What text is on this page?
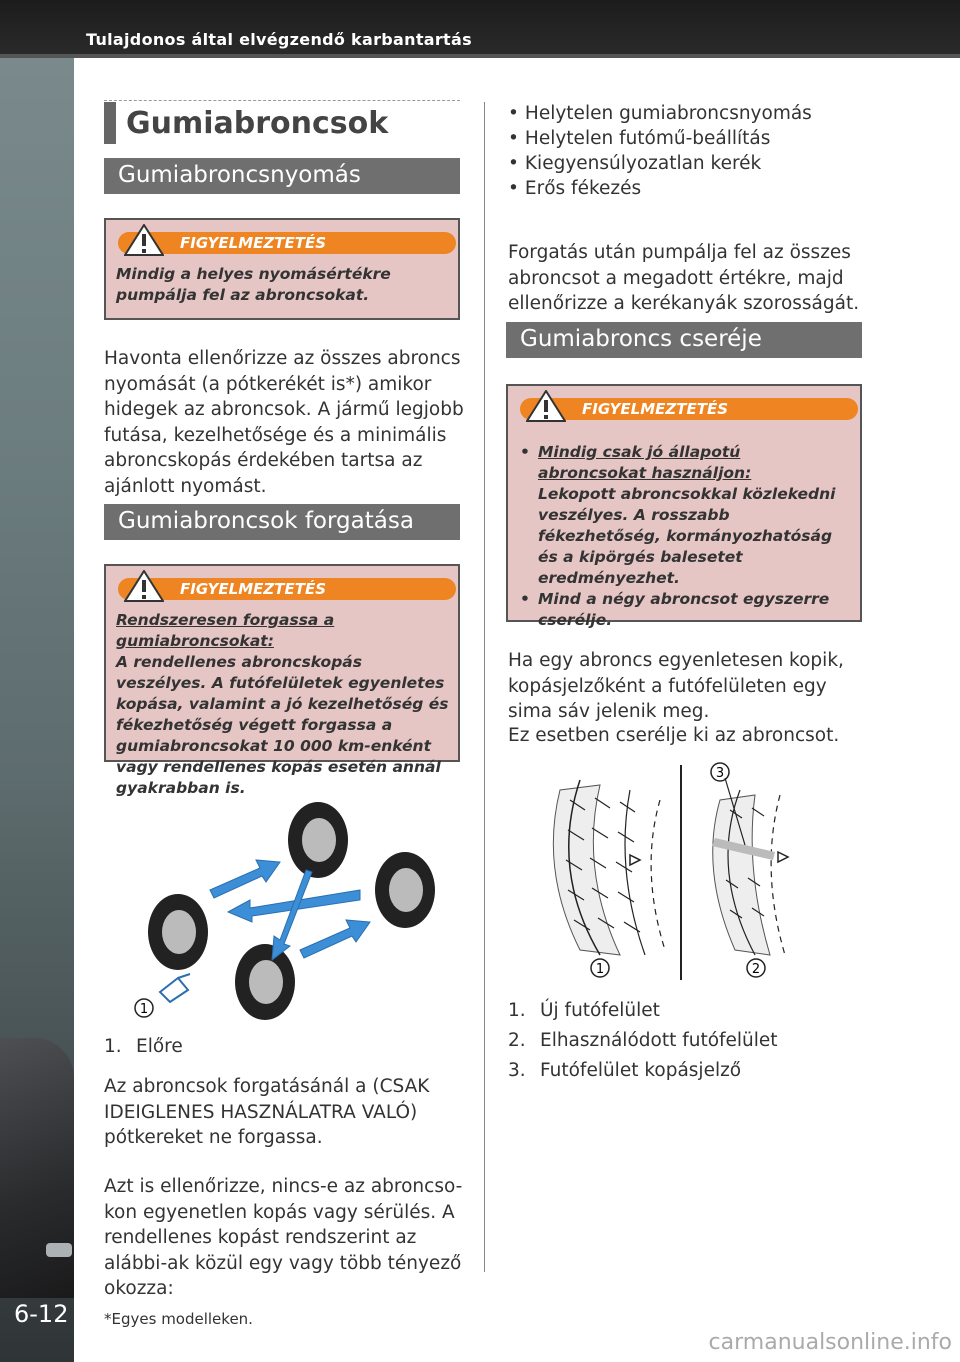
Tulajdonos által elvégzendő karbantartás
6-12
Gumiabroncsok
Gumiabroncsnyomás
FIGYELMEZTETÉS
Mindig a helyes nyomásértékre pumpálja fel az abroncsokat.
Havonta ellenőrizze az összes abroncs nyomását (a pótkerékét is*) amikor hidegek az abroncsok. A jármű legjobb futása, kezelhetősége és a minimális abroncskopás érdekében tartsa az ajánlott nyomást.
Gumiabroncsok forgatása
FIGYELMEZTETÉS
Rendszeresen forgassa a gumiabroncsokat:
A rendellenes abroncskopás veszélyes. A futófelületek egyenletes kopása, valamint a jó kezelhetőség és fékezhetőség végett forgassa a gumiabroncsokat 10 000 km-enként vagy rendellenes kopás esetén annál gyakrabban is.
1
1. Előre
Az abroncsok forgatásánál a (CSAK IDEIGLENES HASZNÁLATRA VALÓ) pótkereket ne forgassa.
Azt is ellenőrizze, nincs-e az abroncso-kon egyenetlen kopás vagy sérülés. A rendellenes kopást rendszerint az alábbi-ak közül egy vagy több tényező okozza:
• Helytelen gumiabroncsnyomás
• Helytelen futómű-beállítás
• Kiegyensúlyozatlan kerék
• Erős fékezés
Forgatás után pumpálja fel az összes abroncsot a megadott értékre, majd ellenőrizze a kerékanyák szorosságát.
Gumiabroncs cseréje
FIGYELMEZTETÉS
• Mindig csak jó állapotú abroncsokat használjon:
Lekopott abroncsokkal közlekedni veszélyes. A rosszabb fékezhetőség, kormányozhatóság és a kipörgés balesetet eredményezhet.
• Mind a négy abroncsot egyszerre cserélje.
Ha egy abroncs egyenletesen kopik, kopásjelzőként a futófelületen egy sima sáv jelenik meg.
Ez esetben cserélje ki az abroncsot.
3
1	2
1. Új futófelület
2. Elhasználódott futófelület
3. Futófelület kopásjelző
*Egyes modelleken.
carmanualsonline.info
